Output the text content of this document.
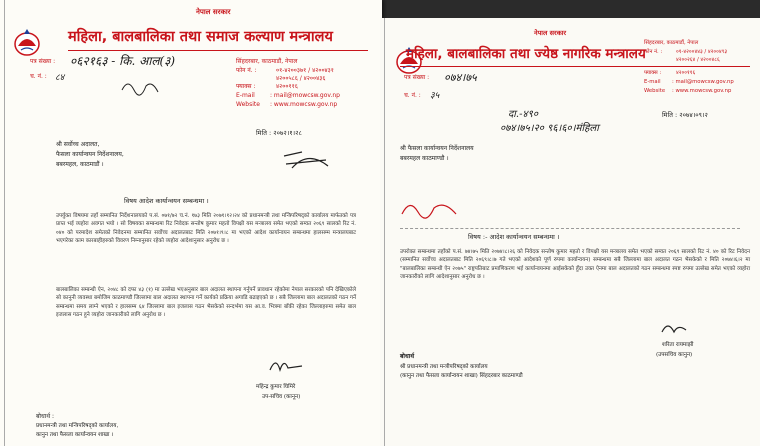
नेपाल सरकार
महिला, बालबालिका तथा समाज कल्याण मन्त्रालय
पत्र संख्या : ०६२१६३ - कि. आल(३)
च. नं. : ८४
सिंहदरबार, काठमाडौं, नेपाल
फोन नं. :	०१-४२००३७१ / ४२००४३१
४२००५८६ / ४२००४३६
फ्याक्स :	४२००११६
E-mail	: mail@mowcsw.gov.np
Website : www.mowcsw.gov.np
मिति : २०७२।१।२८
श्री सर्वोच्च अदालत,
फैसला कार्यान्वयन निर्देशनालय,
बबरमहल, काठमाडौं ।
विषय आदेश कार्यान्वयन सम्बन्धमा ।
उपर्युक्त विषयमा तहाँ सम्मानित निर्देशनालयको प.सं. ०७१/७२ च.नं. १७३ मिति २०७१।१२।२४ को प्रधानमन्त्री तथा मन्त्रिपरिषद्को कार्यालय मार्फतको पत्र प्राप्त भई व्यहोरा अवगत भयो । सो विषयका सम्बन्धमा रिट निवेदक सन्तोष कुमार महतो विपक्षी यस मन्त्रालय समेत भएको सम्वत २०६९ सालको रिट नं. ०४० को परमादेश समेतको निवेदनमा सम्मानित सर्वोच्च अदालतबाट मिति २०७१।९।८ मा भएको आदेश कार्यान्वयन सम्बन्धमा हालसम्म मन्त्रालयबाट भएगरेका काम कारबाहीहरुको विवरण निम्नानुसार रहेको व्यहोरा आदेशानुसार अनुरोध छ ।
बालबालिका सम्बन्धी ऐन, २०४८ को दफा ४३ (१) मा उल्लेख भएअनुसार बाल अदालत स्थापना गर्नुपर्ने प्रावधान रहेकोमा नेपाल सरकारको पनि देखिएकोले सो कानुनी व्यवस्था बमोजिम काठमाण्डौ जिल्लामा बाल अदालत स्थापना गर्ने कार्यको प्रक्रिया अगाडि बढाइएको छ । सबै जिल्लामा बाल अदालतको गठन गर्ने सम्बन्धमा समय लाग्ने भएको र हालसम्म ६४ जिल्लामा बाल इजलास गठन भैसकेको सन्दर्भमा यस आ.व. भित्रमा बाँकी रहेका जिल्लाहरुमा समेत बाल इजलास गठन हुने व्यहोरा जानकारीको लागि अनुरोध छ ।
महिन्द्र कुमार घिमिरे
उप-सचिव (कानून)
बोधार्थ :
प्रधानमन्त्री तथा मन्त्रिपरिषद्को कार्यालय,
कानुन तथा फैसला कार्यान्वयन शाखा ।
नेपाल सरकार
महिला, बालबालिका तथा ज्येष्ठ नागरिक मन्त्रालय
पत्र संख्या : ०७४।७५
च. नं. : ३५
सिंहदरबार, काठमाडौं, नेपाल
फोन नं. :	०१-४२००४४३ / ४२००४९३
४२००२६४ / ४२००४८६
फ्याक्स :	४२००११६
E-mail : mail@mowcsw.gov.np
Website : www.mowcsw.gov.np
दा.-४९०
०७४।७५।२० ९६।६०।मंहिला
मिति : २०७४।०९।२
श्री फैसला कार्यान्वयन निर्देशनालय
बबरमहल काठमाण्डौ ।
विषय :- आदेश कार्यान्वयन सम्बन्धमा ।
उपरोक्त सम्बन्धमा तहाँको प.सं. ७४।७५ मिति २०७४।८।२६ को निवेदक सन्तोष कुमार महतो र विपक्षी यस मन्त्रालय समेत भएको सम्वत २०६९ सालको रिट नं. ४० को रिट निवेदन (सम्मानित सर्वोच्च अदालतबाट मिति २०६९।८।७ गते भएको आदेशको पूर्ण रुपमा कार्यान्वयन) सम्बन्धमा सबै जिल्लामा बाल अदालत गठन भैसकेको र मिति २०७४।६।२ मा "बालबालिका सम्बन्धी ऐन २०७५" राष्ट्रपतिबाट प्रमाणिकरण भई कार्यान्वयनमा आईसकेको हुँदा उक्त ऐनमा बाल अदालतको गठन सम्बन्धमा स्पष्ट रुपमा उल्लेख समेत भएको व्यहोरा जानकारीको लागि आदेशानुसार अनुरोध छ ।
शरिता रायमाझी
(उपसचिव कानुन)
बोधार्थ
श्री प्रधानमन्त्री तथा मन्त्रीपरिषद्को कार्यालय
(कानुन तथा फैसला कार्यान्वयन शाखा) सिंहदरबार काठमाण्डौ
